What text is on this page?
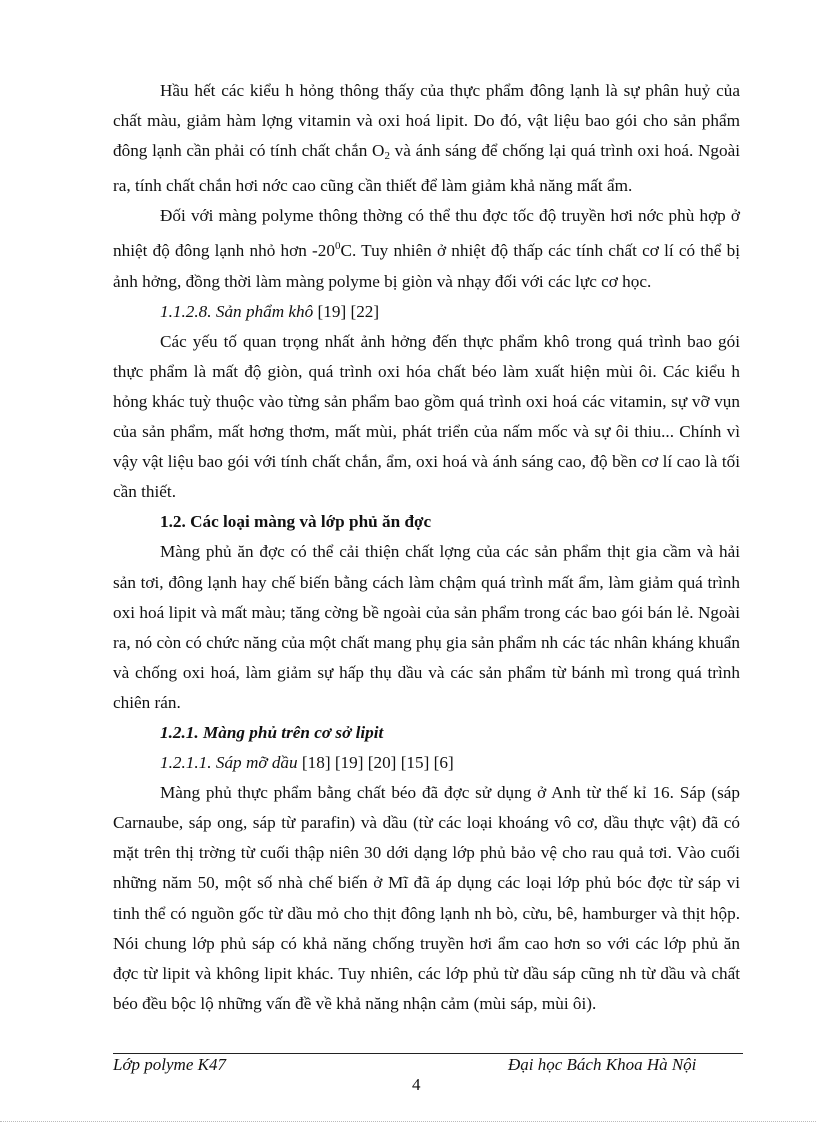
Hầu hết các kiểu h hỏng thông thấy của thực phẩm đông lạnh là sự phân huỷ của chất màu, giảm hàm lợng vitamin và oxi hoá lipit. Do đó, vật liệu bao gói cho sản phẩm đông lạnh cần phải có tính chất chắn $O_2$ và ánh sáng để chống lại quá trình oxi hoá. Ngoài ra, tính chất chắn hơi nớc cao cũng cần thiết để làm giảm khả năng mất ẩm.

Đối với màng polyme thông thờng có thể thu đợc tốc độ truyền hơi nớc phù hợp ở nhiệt độ đông lạnh nhỏ hơn $-20^0C$. Tuy nhiên ở nhiệt độ thấp các tính chất cơ lí có thể bị ảnh hởng, đồng thời làm màng polyme bị giòn và nhạy đối với các lực cơ học.

1.1.2.8. Sản phẩm khô [19] [22]

Các yếu tố quan trọng nhất ảnh hởng đến thực phẩm khô trong quá trình bao gói thực phẩm là mất độ giòn, quá trình oxi hóa chất béo làm xuất hiện mùi ôi. Các kiểu h hỏng khác tuỳ thuộc vào từng sản phẩm bao gồm quá trình oxi hoá các vitamin, sự vỡ vụn của sản phẩm, mất hơng thơm, mất mùi, phát triển của nấm mốc và sự ôi thiu... Chính vì vậy vật liệu bao gói với tính chất chắn, ẩm, oxi hoá và ánh sáng cao, độ bền cơ lí cao là tối cần thiết.

1.2. Các loại màng và lớp phủ ăn đợc

Màng phủ ăn đợc có thể cải thiện chất lợng của các sản phẩm thịt gia cầm và hải sản tơi, đông lạnh hay chế biến bằng cách làm chậm quá trình mất ẩm, làm giảm quá trình oxi hoá lipit và mất màu; tăng cờng bề ngoài của sản phẩm trong các bao gói bán lẻ. Ngoài ra, nó còn có chức năng của một chất mang phụ gia sản phẩm nh các tác nhân kháng khuẩn và chống oxi hoá, làm giảm sự hấp thụ dầu và các sản phẩm từ bánh mì trong quá trình chiên rán.

1.2.1. Màng phủ trên cơ sở lipit

1.2.1.1. Sáp mỡ dầu [18] [19] [20] [15] [6]

Màng phủ thực phẩm bằng chất béo đã đợc sử dụng ở Anh từ thế kỉ 16. Sáp (sáp Carnaube, sáp ong, sáp từ parafin) và dầu (từ các loại khoáng vô cơ, dầu thực vật) đã có mặt trên thị trờng từ cuối thập niên 30 dới dạng lớp phủ bảo vệ cho rau quả tơi. Vào cuối những năm 50, một số nhà chế biến ở Mĩ đã áp dụng các loại lớp phủ bóc đợc từ sáp vi tinh thể có nguồn gốc từ dầu mỏ cho thịt đông lạnh nh bò, cừu, bê, hamburger và thịt hộp. Nói chung lớp phủ sáp có khả năng chống truyền hơi ẩm cao hơn so với các lớp phủ ăn đợc từ lipit và không lipit khác. Tuy nhiên, các lớp phủ từ dầu sáp cũng nh từ dầu và chất béo đều bộc lộ những vấn đề về khả năng nhận cảm (mùi sáp, mùi ôi).

Lớp polyme K47	Đại học Bách Khoa Hà Nội
4
